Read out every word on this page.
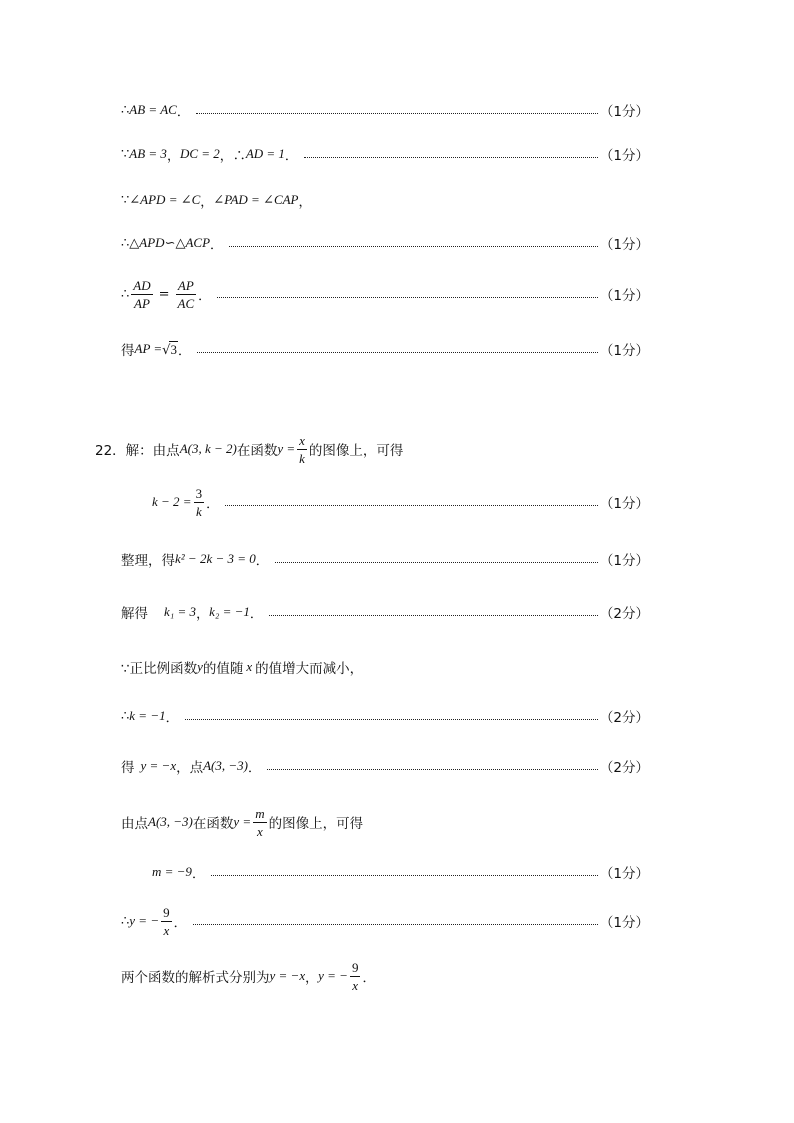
∴ AB = AC ．	（1分）
∵ AB = 3 ， DC = 2 ，∴ AD = 1 ．	（1分）
∵ ∠APD = ∠C ， ∠PAD = ∠CAP ，
∴△ APD ∽△ ACP ．	（1分）
∴ $\frac{AD}{AP} = \frac{AP}{AC}$ ．	（1分）
得 AP = √ 3 ．	（1分）
22．解：由点 A (3, k − 2) 在函数 $y = \frac{x}{k}$ 的图像上，可得
$k - 2 = \frac{3}{k}$ ．	（1分）
整理，得 k² − 2k − 3 = 0 ．	（1分）
解得 k₁ = 3 ， k₂ = −1 ．	（2分）
∵正比例函数 y 的值随 x 的值增大而减小，
∴ k = −1 ．	（2分）
得 y = −x ，点 A (3, −3) ．	（2分）
由点 A (3, −3) 在函数 $y = \frac{m}{x}$ 的图像上，可得
m = −9 ．	（1分）
∴ y = − $\frac{9}{x}$ ．	（1分）
两个函数的解析式分别为 y = −x ， y = − $\frac{9}{x}$ ．
